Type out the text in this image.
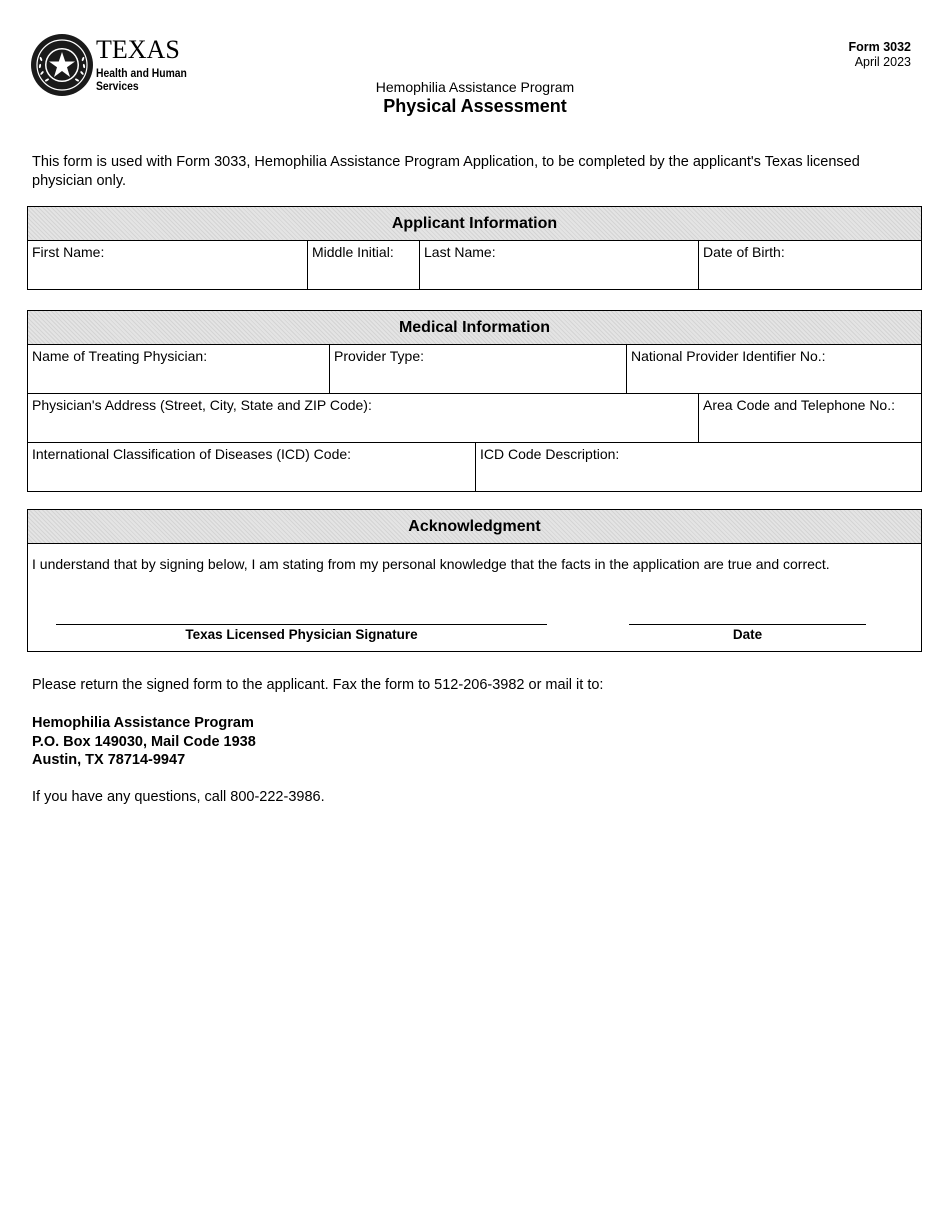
TEXAS
Health and Human
Services
Form 3032
April 2023
Hemophilia Assistance Program
Physical Assessment
This form is used with Form 3033, Hemophilia Assistance Program Application, to be completed by the applicant's Texas licensed physician only.
Applicant Information
First Name:	Middle Initial:	Last Name:	Date of Birth:
Medical Information
Name of Treating Physician:	Provider Type:	National Provider Identifier No.:
Physician's Address (Street, City, State and ZIP Code):	Area Code and Telephone No.:
International Classification of Diseases (ICD) Code:	ICD Code Description:
Acknowledgment
I understand that by signing below, I am stating from my personal knowledge that the facts in the application are true and correct.
Texas Licensed Physician Signature	Date
Please return the signed form to the applicant. Fax the form to 512-206-3982 or mail it to:
Hemophilia Assistance Program
P.O. Box 149030, Mail Code 1938
Austin, TX 78714-9947
If you have any questions, call 800-222-3986.
